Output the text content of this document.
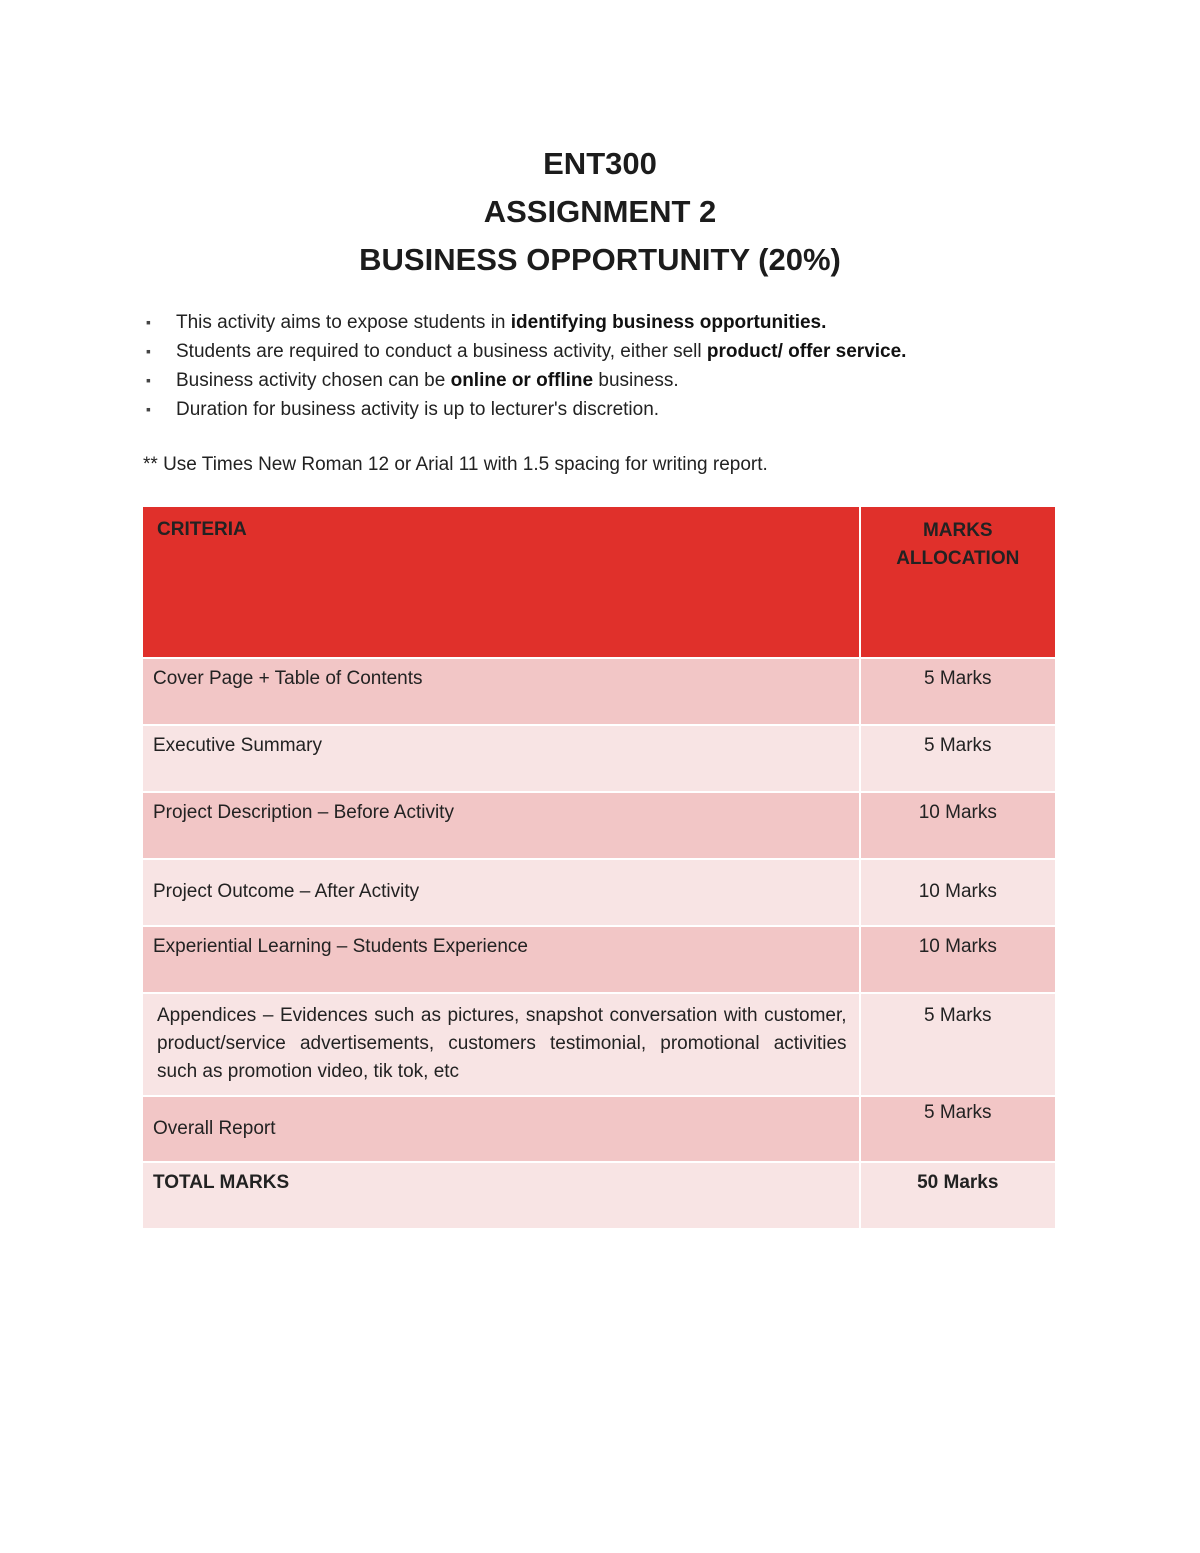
ENT300
ASSIGNMENT 2
BUSINESS OPPORTUNITY (20%)
▪ This activity aims to expose students in identifying business opportunities.
▪ Students are required to conduct a business activity, either sell product/ offer service.
▪ Business activity chosen can be online or offline business.
▪ Duration for business activity is up to lecturer's discretion.
** Use Times New Roman 12 or Arial 11 with 1.5 spacing for writing report.
CRITERIA	MARKS
ALLOCATION

Cover Page + Table of Contents	5 Marks
Executive Summary	5 Marks
Project Description – Before Activity	10 Marks
Project Outcome – After Activity	10 Marks
Experiential Learning – Students Experience	10 Marks
Appendices – Evidences such as pictures, snapshot conversation with customer, product/service advertisements, customers testimonial, promotional activities such as promotion video, tik tok, etc	5 Marks
Overall Report	5 Marks
TOTAL MARKS	50 Marks
